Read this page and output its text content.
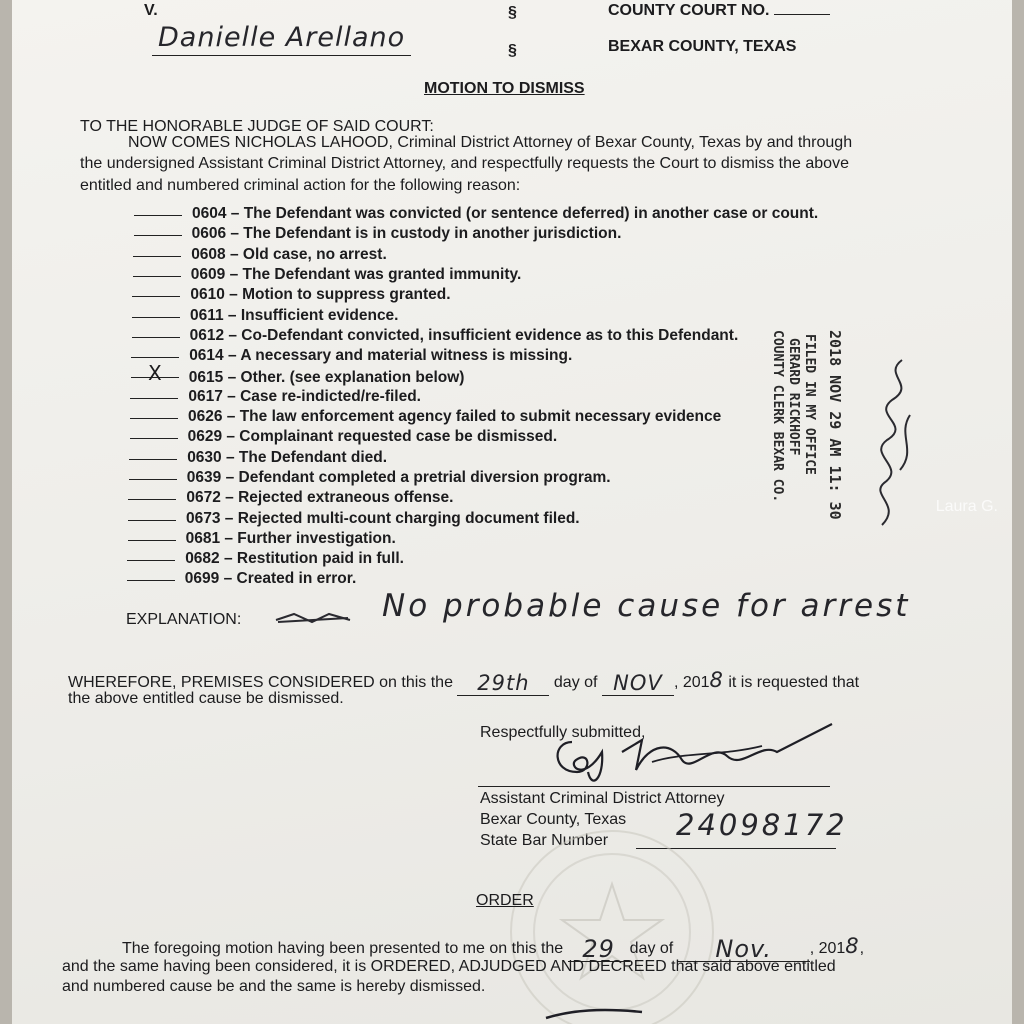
V.	§	COUNTY COURT NO.
Danielle Arellano	§	BEXAR COUNTY, TEXAS
MOTION TO DISMISS
TO THE HONORABLE JUDGE OF SAID COURT:
NOW COMES NICHOLAS LAHOOD, Criminal District Attorney of Bexar County, Texas by and through
the undersigned Assistant Criminal District Attorney, and respectfully requests the Court to dismiss the above
entitled and numbered criminal action for the following reason:
0604 – The Defendant was convicted (or sentence deferred) in another case or count.
0606 – The Defendant is in custody in another jurisdiction.
0608 – Old case, no arrest.
0609 – The Defendant was granted immunity.
0610 – Motion to suppress granted.
0611 – Insufficient evidence.
0612 – Co-Defendant convicted, insufficient evidence as to this Defendant.
0614 – A necessary and material witness is missing.
X 0615 – Other. (see explanation below)
0617 – Case re-indicted/re-filed.
0626 – The law enforcement agency failed to submit necessary evidence
0629 – Complainant requested case be dismissed.
0630 – The Defendant died.
0639 – Defendant completed a pretrial diversion program.
0672 – Rejected extraneous offense.
0673 – Rejected multi-count charging document filed.
0681 – Further investigation.
0682 – Restitution paid in full.
0699 – Created in error.
2018 NOV 29 AM 11: 30
FILED IN MY OFFICE
GERARD RICKHOFF
COUNTY CLERK BEXAR CO.
EXPLANATION:	No probable cause for arrest
WHEREFORE, PREMISES CONSIDERED on this the 29th day of NOV , 2018 it is requested that
the above entitled cause be dismissed.
Respectfully submitted,
Assistant Criminal District Attorney
Bexar County, Texas
State Bar Number 24098172
ORDER
The foregoing motion having been presented to me on this the 29 day of Nov. , 2018,
and the same having been considered, it is ORDERED, ADJUDGED AND DECREED that said above entitled
and numbered cause be and the same is hereby dismissed.
Laura G.
